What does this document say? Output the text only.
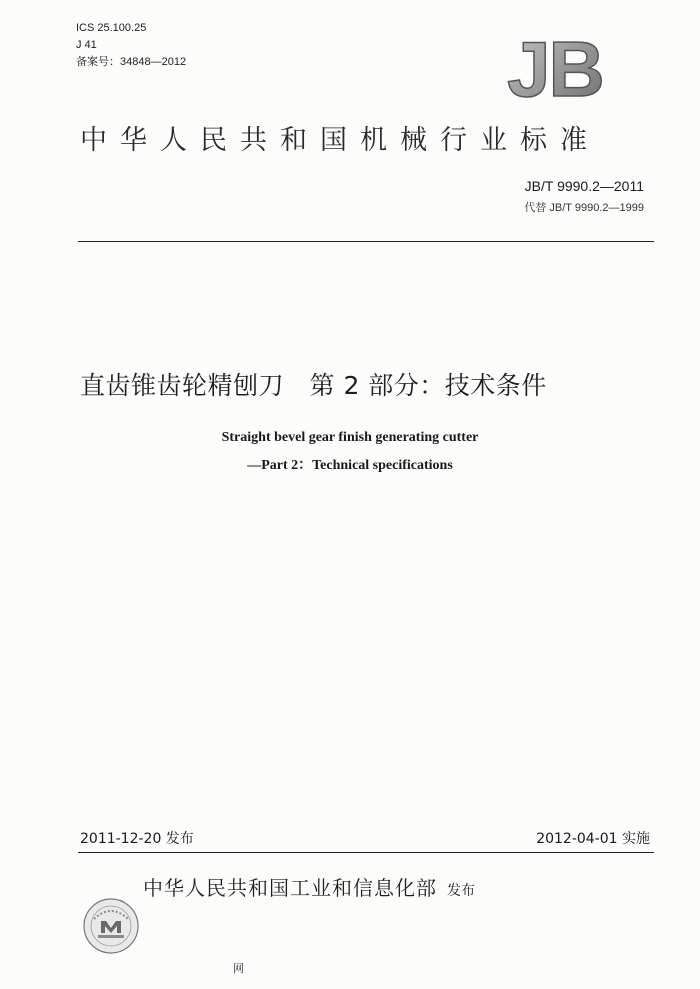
ICS 25.100.25
J 41
备案号：34848—2012	JB
中华人民共和国机械行业标准
JB/T 9990.2—2011
代替 JB/T 9990.2—1999
直齿锥齿轮精刨刀　第 2 部分：技术条件
Straight bevel gear finish generating cutter
—Part 2：Technical specifications
2011-12-20 发布	2012-04-01 实施
中华人民共和国工业和信息化部 发布
网
